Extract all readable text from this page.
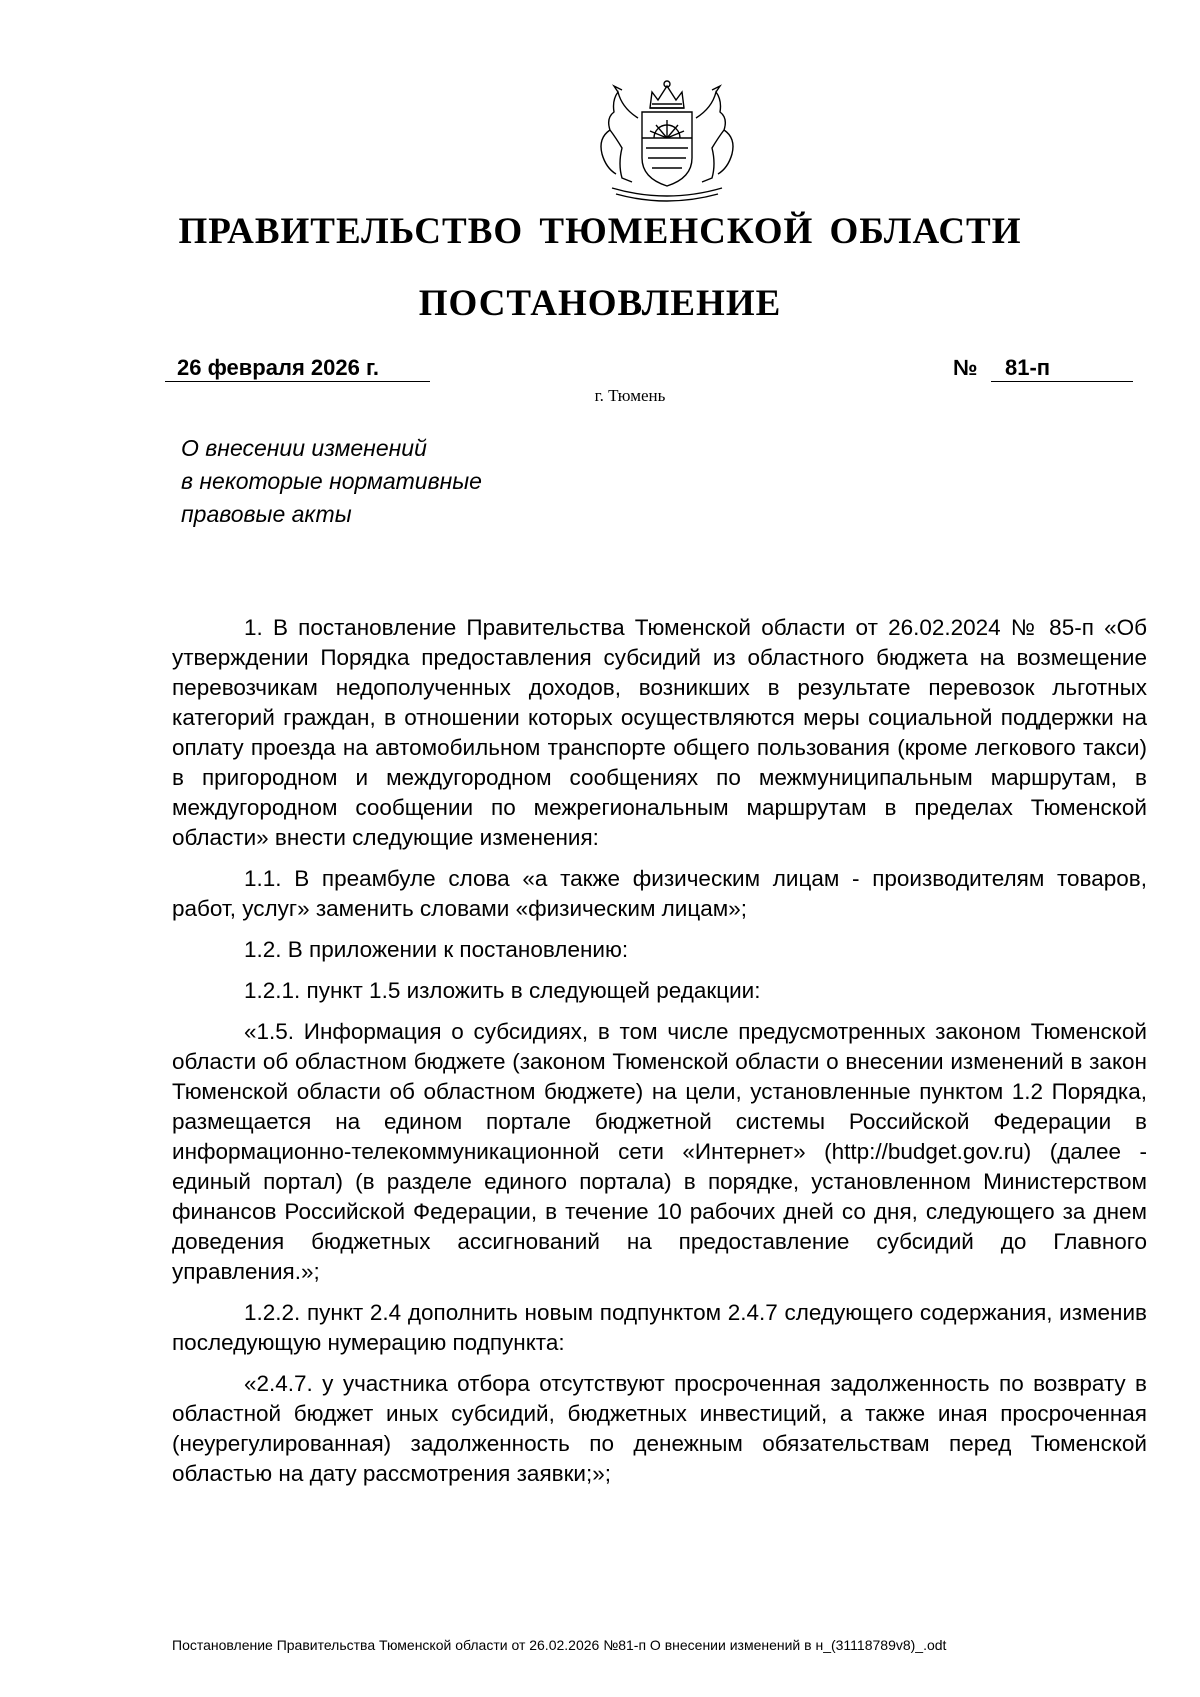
ПРАВИТЕЛЬСТВО ТЮМЕНСКОЙ ОБЛАСТИ
ПОСТАНОВЛЕНИЕ
26 февраля 2026 г.	№	81-п
г. Тюмень
О внесении изменений
в некоторые нормативные
правовые акты

1. В постановление Правительства Тюменской области от 26.02.2024 № 85-п «Об утверждении Порядка предоставления субсидий из областного бюджета на возмещение перевозчикам недополученных доходов, возникших в результате перевозок льготных категорий граждан, в отношении которых осуществляются меры социальной поддержки на оплату проезда на автомобильном транспорте общего пользования (кроме легкового такси) в пригородном и междугородном сообщениях по межмуниципальным маршрутам, в междугородном сообщении по межрегиональным маршрутам в пределах Тюменской области» внести следующие изменения:

1.1. В преамбуле слова «а также физическим лицам - производителям товаров, работ, услуг» заменить словами «физическим лицам»;

1.2. В приложении к постановлению:

1.2.1. пункт 1.5 изложить в следующей редакции:

«1.5. Информация о субсидиях, в том числе предусмотренных законом Тюменской области об областном бюджете (законом Тюменской области о внесении изменений в закон Тюменской области об областном бюджете) на цели, установленные пунктом 1.2 Порядка, размещается на едином портале бюджетной системы Российской Федерации в информационно-телекоммуникационной сети «Интернет» (http://budget.gov.ru) (далее - единый портал) (в разделе единого портала) в порядке, установленном Министерством финансов Российской Федерации, в течение 10 рабочих дней со дня, следующего за днем доведения бюджетных ассигнований на предоставление субсидий до Главного управления.»;

1.2.2. пункт 2.4 дополнить новым подпунктом 2.4.7 следующего содержания, изменив последующую нумерацию подпункта:

«2.4.7. у участника отбора отсутствуют просроченная задолженность по возврату в областной бюджет иных субсидий, бюджетных инвестиций, а также иная просроченная (неурегулированная) задолженность по денежным обязательствам перед Тюменской областью на дату рассмотрения заявки;»;

Постановление Правительства Тюменской области от 26.02.2026 №81-п О внесении изменений в н_(31118789v8)_.odt
